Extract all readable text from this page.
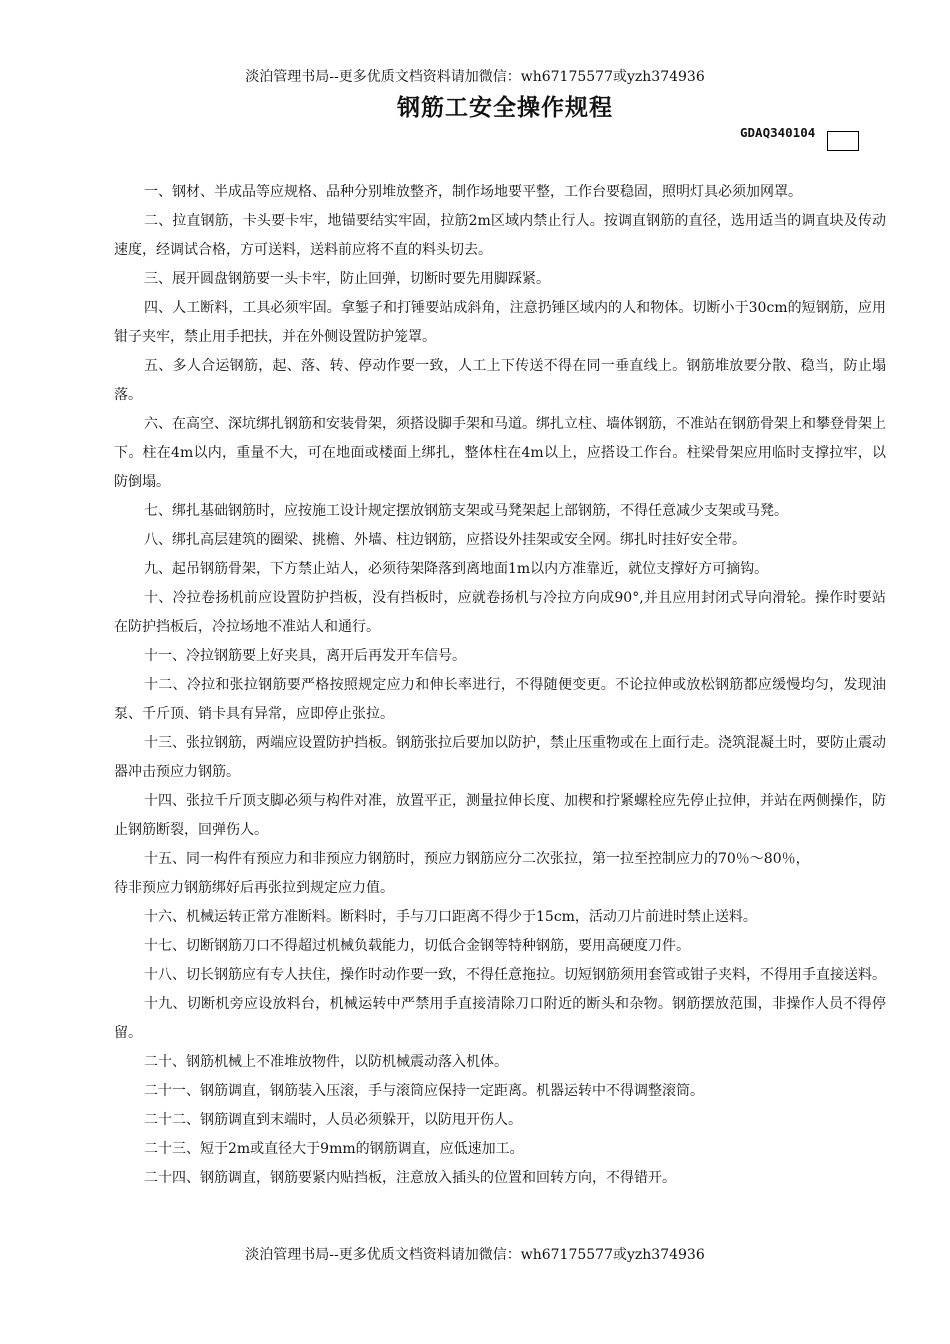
淡泊管理书局--更多优质文档资料请加微信：wh67175577或yzh374936
钢筋工安全操作规程
GDAQ340104

一、钢材、半成品等应规格、品种分别堆放整齐，制作场地要平整，工作台要稳固，照明灯具必须加网罩。

二、拉直钢筋，卡头要卡牢，地锚要结实牢固，拉筋2m区域内禁止行人。按调直钢筋的直径，选用适当的调直块及传动速度，经调试合格，方可送料，送料前应将不直的料头切去。

三、展开圆盘钢筋要一头卡牢，防止回弹，切断时要先用脚踩紧。

四、人工断料，工具必须牢固。拿錾子和打锤要站成斜角，注意扔锤区域内的人和物体。切断小于30cm的短钢筋，应用钳子夹牢，禁止用手把扶，并在外侧设置防护笼罩。

五、多人合运钢筋，起、落、转、停动作要一致，人工上下传送不得在同一垂直线上。钢筋堆放要分散、稳当，防止塌落。

六、在高空、深坑绑扎钢筋和安装骨架，须搭设脚手架和马道。绑扎立柱、墙体钢筋，不准站在钢筋骨架上和攀登骨架上下。柱在4m以内，重量不大，可在地面或楼面上绑扎，整体柱在4m以上，应搭设工作台。柱梁骨架应用临时支撑拉牢，以防倒塌。

七、绑扎基础钢筋时，应按施工设计规定摆放钢筋支架或马凳架起上部钢筋，不得任意减少支架或马凳。

八、绑扎高层建筑的圈梁、挑檐、外墙、柱边钢筋，应搭设外挂架或安全网。绑扎时挂好安全带。

九、起吊钢筋骨架，下方禁止站人，必须待架降落到离地面1m以内方准靠近，就位支撑好方可摘钩。

十、冷拉卷扬机前应设置防护挡板，没有挡板时，应就卷扬机与冷拉方向成90°,并且应用封闭式导向滑轮。操作时要站在防护挡板后，冷拉场地不准站人和通行。

十一、冷拉钢筋要上好夹具，离开后再发开车信号。

十二、冷拉和张拉钢筋要严格按照规定应力和伸长率进行，不得随便变更。不论拉伸或放松钢筋都应缓慢均匀，发现油泵、千斤顶、销卡具有异常，应即停止张拉。

十三、张拉钢筋，两端应设置防护挡板。钢筋张拉后要加以防护，禁止压重物或在上面行走。浇筑混凝土时，要防止震动器冲击预应力钢筋。

十四、张拉千斤顶支脚必须与构件对准，放置平正，测量拉伸长度、加楔和拧紧螺栓应先停止拉伸，并站在两侧操作，防止钢筋断裂，回弹伤人。

十五、同一构件有预应力和非预应力钢筋时，预应力钢筋应分二次张拉，第一拉至控制应力的70％～80％，

待非预应力钢筋绑好后再张拉到规定应力值。

十六、机械运转正常方准断料。断料时，手与刀口距离不得少于15cm，活动刀片前进时禁止送料。

十七、切断钢筋刀口不得超过机械负载能力，切低合金钢等特种钢筋，要用高硬度刀件。

十八、切长钢筋应有专人扶住，操作时动作要一致，不得任意拖拉。切短钢筋须用套管或钳子夹料，不得用手直接送料。

十九、切断机旁应设放料台，机械运转中严禁用手直接清除刀口附近的断头和杂物。钢筋摆放范围，非操作人员不得停留。

二十、钢筋机械上不准堆放物件，以防机械震动落入机体。

二十一、钢筋调直，钢筋装入压滚，手与滚筒应保持一定距离。机器运转中不得调整滚筒。

二十二、钢筋调直到末端时，人员必须躲开，以防甩开伤人。

二十三、短于2m或直径大于9mm的钢筋调直，应低速加工。

二十四、钢筋调直，钢筋要紧内贴挡板，注意放入插头的位置和回转方向，不得错开。

淡泊管理书局--更多优质文档资料请加微信：wh67175577或yzh374936
